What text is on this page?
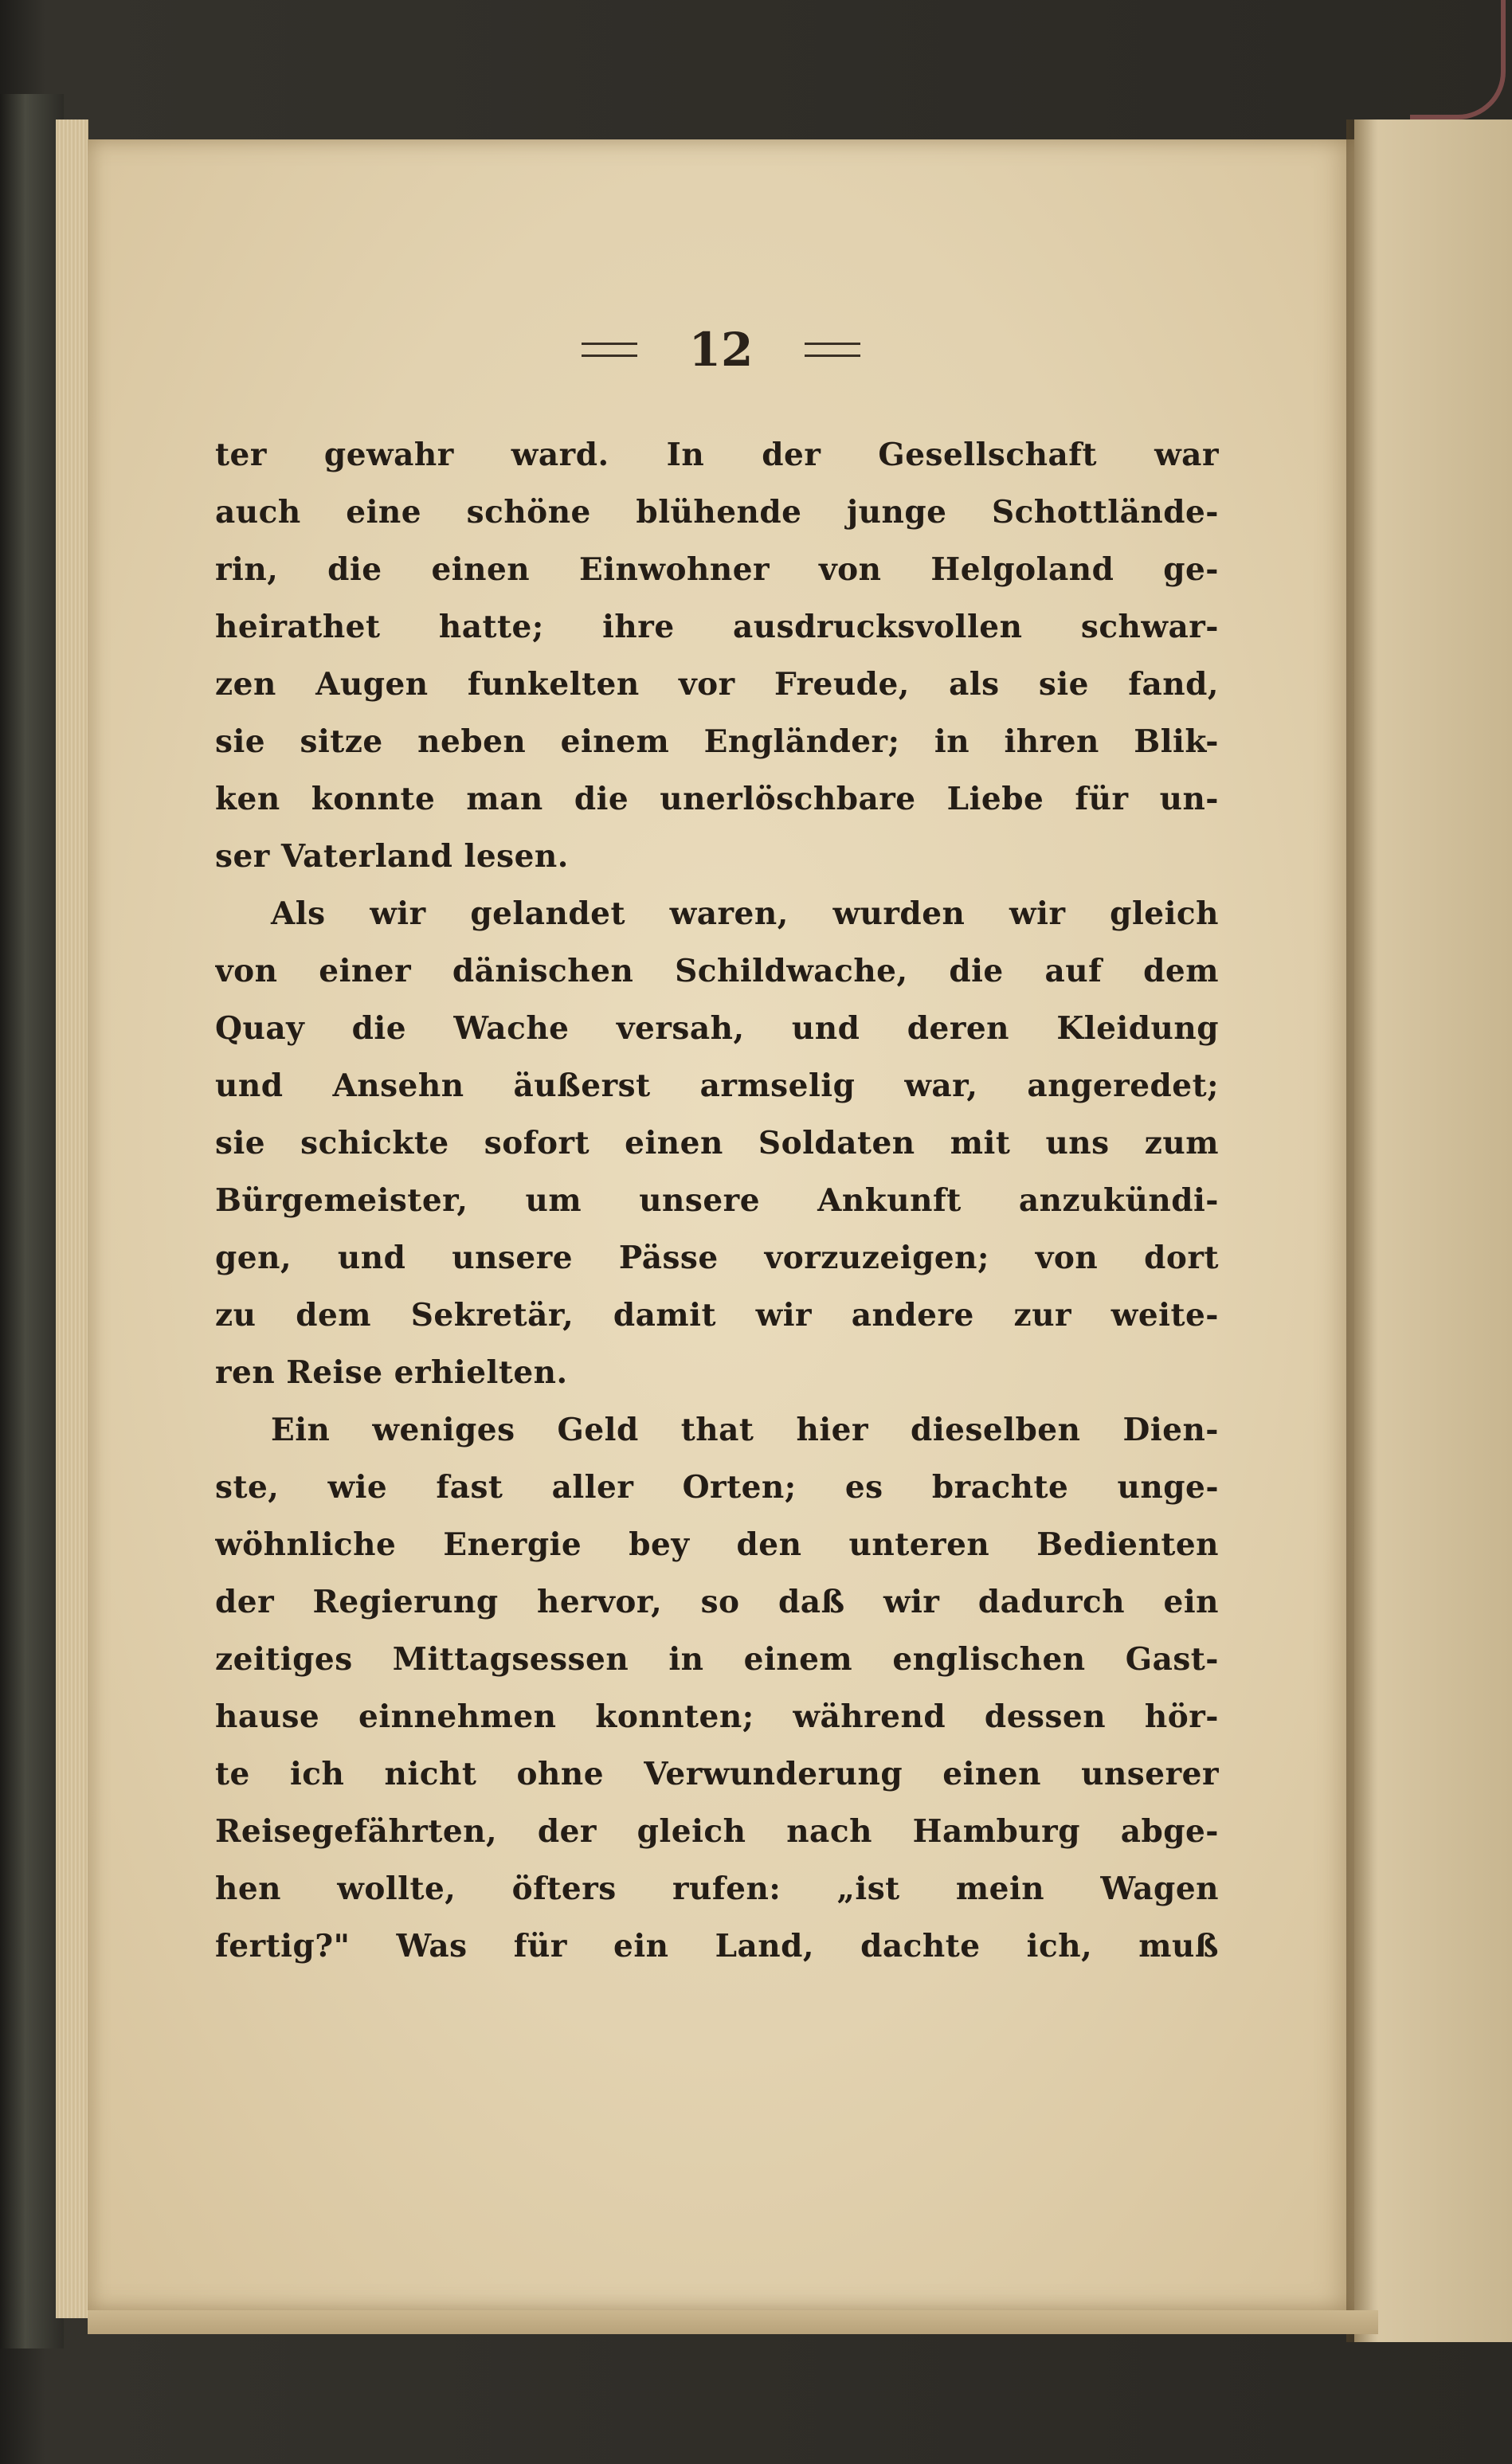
12
ter gewahr ward. In der Gesellschaft war
auch eine schöne blühende junge Schottlände-
rin, die einen Einwohner von Helgoland ge-
heirathet hatte; ihre ausdrucksvollen schwar-
zen Augen funkelten vor Freude, als sie fand,
sie sitze neben einem Engländer; in ihren Blik-
ken konnte man die unerlöschbare Liebe für un-
ser Vaterland lesen.
Als wir gelandet waren, wurden wir gleich
von einer dänischen Schildwache, die auf dem
Quay die Wache versah, und deren Kleidung
und Ansehn äußerst armselig war, angeredet;
sie schickte sofort einen Soldaten mit uns zum
Bürgemeister, um unsere Ankunft anzukündi-
gen, und unsere Pässe vorzuzeigen; von dort
zu dem Sekretär, damit wir andere zur weite-
ren Reise erhielten.
Ein weniges Geld that hier dieselben Dien-
ste, wie fast aller Orten; es brachte unge-
wöhnliche Energie bey den unteren Bedienten
der Regierung hervor, so daß wir dadurch ein
zeitiges Mittagsessen in einem englischen Gast-
hause einnehmen konnten; während dessen hör-
te ich nicht ohne Verwunderung einen unserer
Reisegefährten, der gleich nach Hamburg abge-
hen wollte, öfters rufen: „ist mein Wagen
fertig?" Was für ein Land, dachte ich, muß
